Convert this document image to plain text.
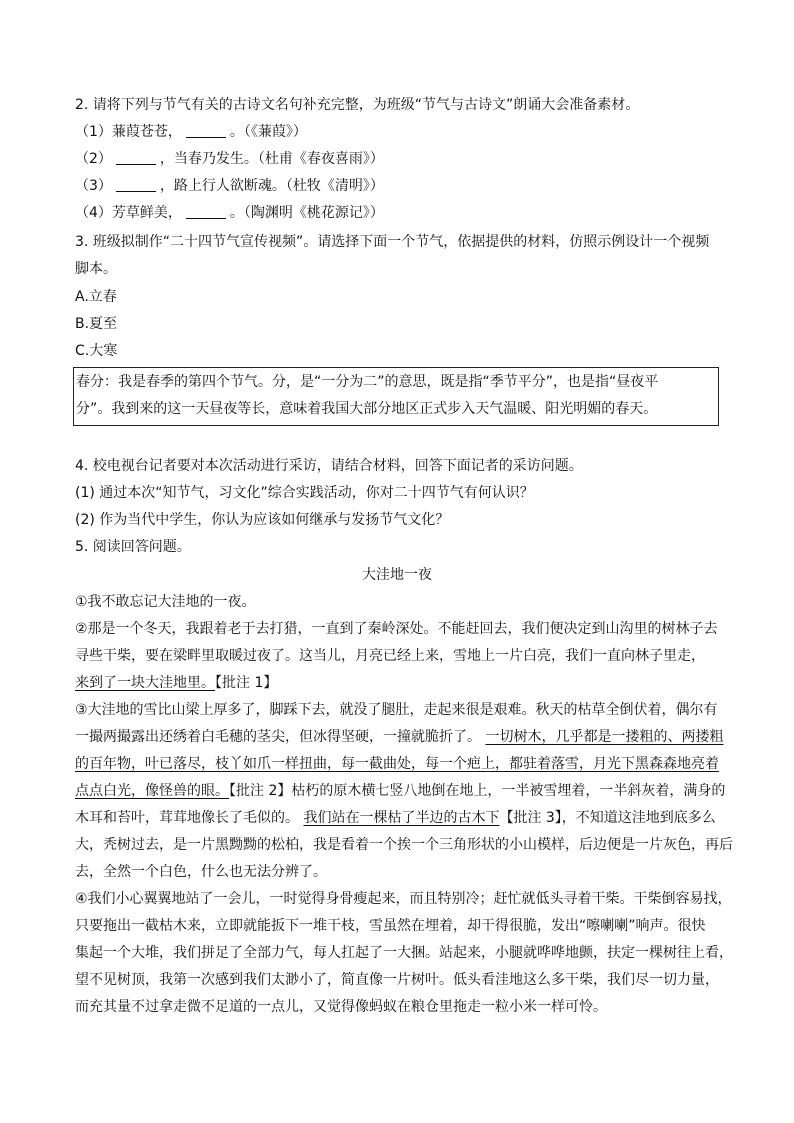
2. 请将下列与节气有关的古诗文名句补充完整，为班级“节气与古诗文”朗诵大会准备素材。
（1）蒹葭苍苍，	。（《蒹葭》）
（2）	，当春乃发生。（杜甫《春夜喜雨》）
（3）	，路上行人欲断魂。（杜牧《清明》）
（4）芳草鲜美，	。（陶渊明《桃花源记》）
3. 班级拟制作“二十四节气宣传视频”。请选择下面一个节气，依据提供的材料，仿照示例设计一个视频
脚本。
A.立春
B.夏至
C.大寒
春分：我是春季的第四个节气。分，是“一分为二”的意思，既是指“季节平分”，也是指“昼夜平
分”。我到来的这一天昼夜等长，意味着我国大部分地区正式步入天气温暖、阳光明媚的春天。
4. 校电视台记者要对本次活动进行采访，请结合材料，回答下面记者的采访问题。
(1) 通过本次“知节气，习文化”综合实践活动，你对二十四节气有何认识？
(2) 作为当代中学生，你认为应该如何继承与发扬节气文化？
5. 阅读回答问题。
大洼地一夜
①我不敢忘记大洼地的一夜。
②那是一个冬天，我跟着老于去打猎，一直到了秦岭深处。不能赶回去，我们便决定到山沟里的树林子去
寻些干柴，要在梁畔里取暖过夜了。这当儿，月亮已经上来，雪地上一片白亮，我们一直向林子里走，
来到了一块大洼地里。【批注 1】
③大洼地的雪比山梁上厚多了，脚踩下去，就没了腿肚，走起来很是艰难。秋天的枯草全倒伏着，偶尔有
一撮两撮露出还绣着白毛穗的茎尖，但冰得坚硬，一撞就脆折了。 一切树木，几乎都是一搂粗的、两搂粗
的百年物，叶已落尽，枝丫如爪一样扭曲，每一截曲处，每一个疤上，都驻着落雪，月光下黑森森地亮着
点点白光，像怪兽的眼。【批注 2】枯朽的原木横七竖八地倒在地上，一半被雪埋着，一半斜灰着，满身的
木耳和苔叶，茸茸地像长了毛似的。 我们站在一棵枯了半边的古木下【批注 3】，不知道这洼地到底多么
大，秃树过去，是一片黑黝黝的松柏，我是看着一个挨一个三角形状的小山模样，后边便是一片灰色，再后
去，全然一个白色，什么也无法分辨了。
④我们小心翼翼地站了一会儿，一时觉得身骨瘦起来，而且特别冷；赶忙就低头寻着干柴。干柴倒容易找，
只要拖出一截枯木来，立即就能扳下一堆干枝，雪虽然在埋着，却干得很脆，发出“嚓喇喇”响声。很快
集起一个大堆，我们拼足了全部力气，每人扛起了一大捆。站起来，小腿就哗哗地颤，扶定一棵树往上看，
望不见树顶，我第一次感到我们太渺小了，简直像一片树叶。低头看洼地这么多干柴，我们尽一切力量，
而充其量不过拿走微不足道的一点儿，又觉得像蚂蚁在粮仓里拖走一粒小米一样可怜。
